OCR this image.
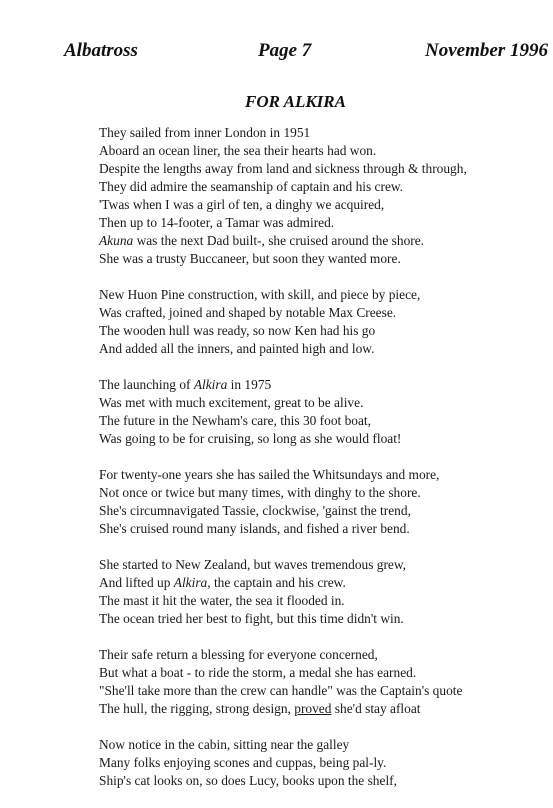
Albatross	Page 7	November 1996
FOR ALKIRA
They sailed from inner London in 1951
Aboard an ocean liner, the sea their hearts had won.
Despite the lengths away from land and sickness through & through,
They did admire the seamanship of captain and his crew.
'Twas when I was a girl of ten, a dinghy we acquired,
Then up to 14-footer, a Tamar was admired.
Akuna was the next Dad built-, she cruised around the shore.
She was a trusty Buccaneer, but soon they wanted more.
New Huon Pine construction, with skill, and piece by piece,
Was crafted, joined and shaped by notable Max Creese.
The wooden hull was ready, so now Ken had his go
And added all the inners, and painted high and low.
The launching of Alkira in 1975
Was met with much excitement, great to be alive.
The future in the Newham's care, this 30 foot boat,
Was going to be for cruising, so long as she would float!
For twenty-one years she has sailed the Whitsundays and more,
Not once or twice but many times, with dinghy to the shore.
She's circumnavigated Tassie, clockwise, 'gainst the trend,
She's cruised round many islands, and fished a river bend.
She started to New Zealand, but waves tremendous grew,
And lifted up Alkira, the captain and his crew.
The mast it hit the water, the sea it flooded in.
The ocean tried her best to fight, but this time didn't win.
Their safe return a blessing for everyone concerned,
But what a boat - to ride the storm, a medal she has earned.
"She'll take more than the crew can handle" was the Captain's quote
The hull, the rigging, strong design, proved she'd stay afloat
Now notice in the cabin, sitting near the galley
Many folks enjoying scones and cuppas, being pal-ly.
Ship's cat looks on, so does Lucy, books upon the shelf,
